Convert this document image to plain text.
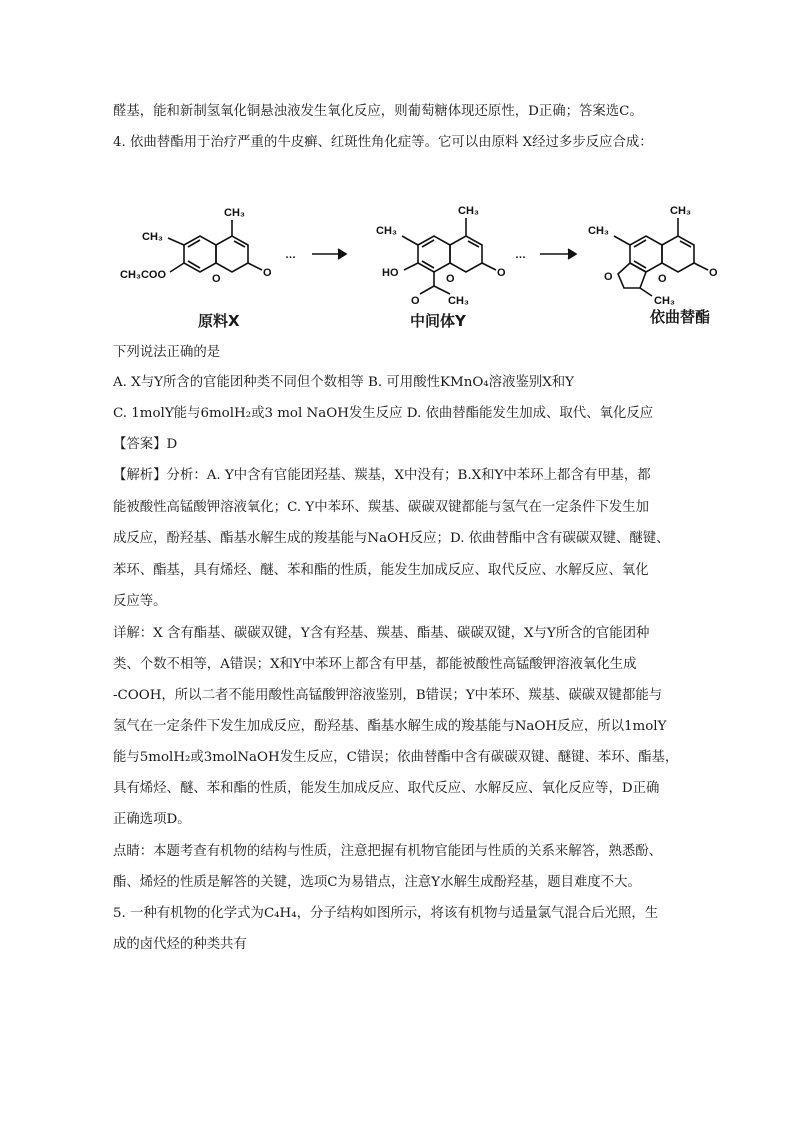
醛基，能和新制氢氧化铜悬浊液发生氧化反应，则葡萄糖体现还原性，D正确；答案选C。
4. 依曲替酯用于治疗严重的牛皮癣、红斑性角化症等。它可以由原料 X经过多步反应合成：
…	…
CH₃
CH₃
CH₃COO	O	O
CH₃
CH₃
HO	O	O
O	CH₃
CH₃
CH₃
O	O	O
CH₃
原料X	中间体Y	依曲替酯
下列说法正确的是
A. X与Y所含的官能团种类不同但个数相等 B. 可用酸性KMnO₄溶液鉴别X和Y
C. 1molY能与6molH₂或3 mol NaOH发生反应 D. 依曲替酯能发生加成、取代、氧化反应
【答案】D
【解析】分析：A. Y中含有官能团羟基、羰基，X中没有；B.X和Y中苯环上都含有甲基，都
能被酸性高锰酸钾溶液氧化；C. Y中苯环、羰基、碳碳双键都能与氢气在一定条件下发生加
成反应，酚羟基、酯基水解生成的羧基能与NaOH反应；D. 依曲替酯中含有碳碳双键、醚键、
苯环、酯基，具有烯烃、醚、苯和酯的性质，能发生加成反应、取代反应、水解反应、氧化
反应等。
详解：X 含有酯基、碳碳双键，Y含有羟基、羰基、酯基、碳碳双键，X与Y所含的官能团种
类、个数不相等，A错误；X和Y中苯环上都含有甲基，都能被酸性高锰酸钾溶液氧化生成
-COOH，所以二者不能用酸性高锰酸钾溶液鉴别，B错误；Y中苯环、羰基、碳碳双键都能与
氢气在一定条件下发生加成反应，酚羟基、酯基水解生成的羧基能与NaOH反应，所以1molY
能与5molH₂或3molNaOH发生反应，C错误；依曲替酯中含有碳碳双键、醚键、苯环、酯基，
具有烯烃、醚、苯和酯的性质，能发生加成反应、取代反应、水解反应、氧化反应等，D正确
正确选项D。
点睛：本题考查有机物的结构与性质，注意把握有机物官能团与性质的关系来解答，熟悉酚、
酯、烯烃的性质是解答的关键，选项C为易错点，注意Y水解生成酚羟基，题目难度不大。
5. 一种有机物的化学式为C₄H₄，分子结构如图所示，将该有机物与适量氯气混合后光照，生
成的卤代烃的种类共有
